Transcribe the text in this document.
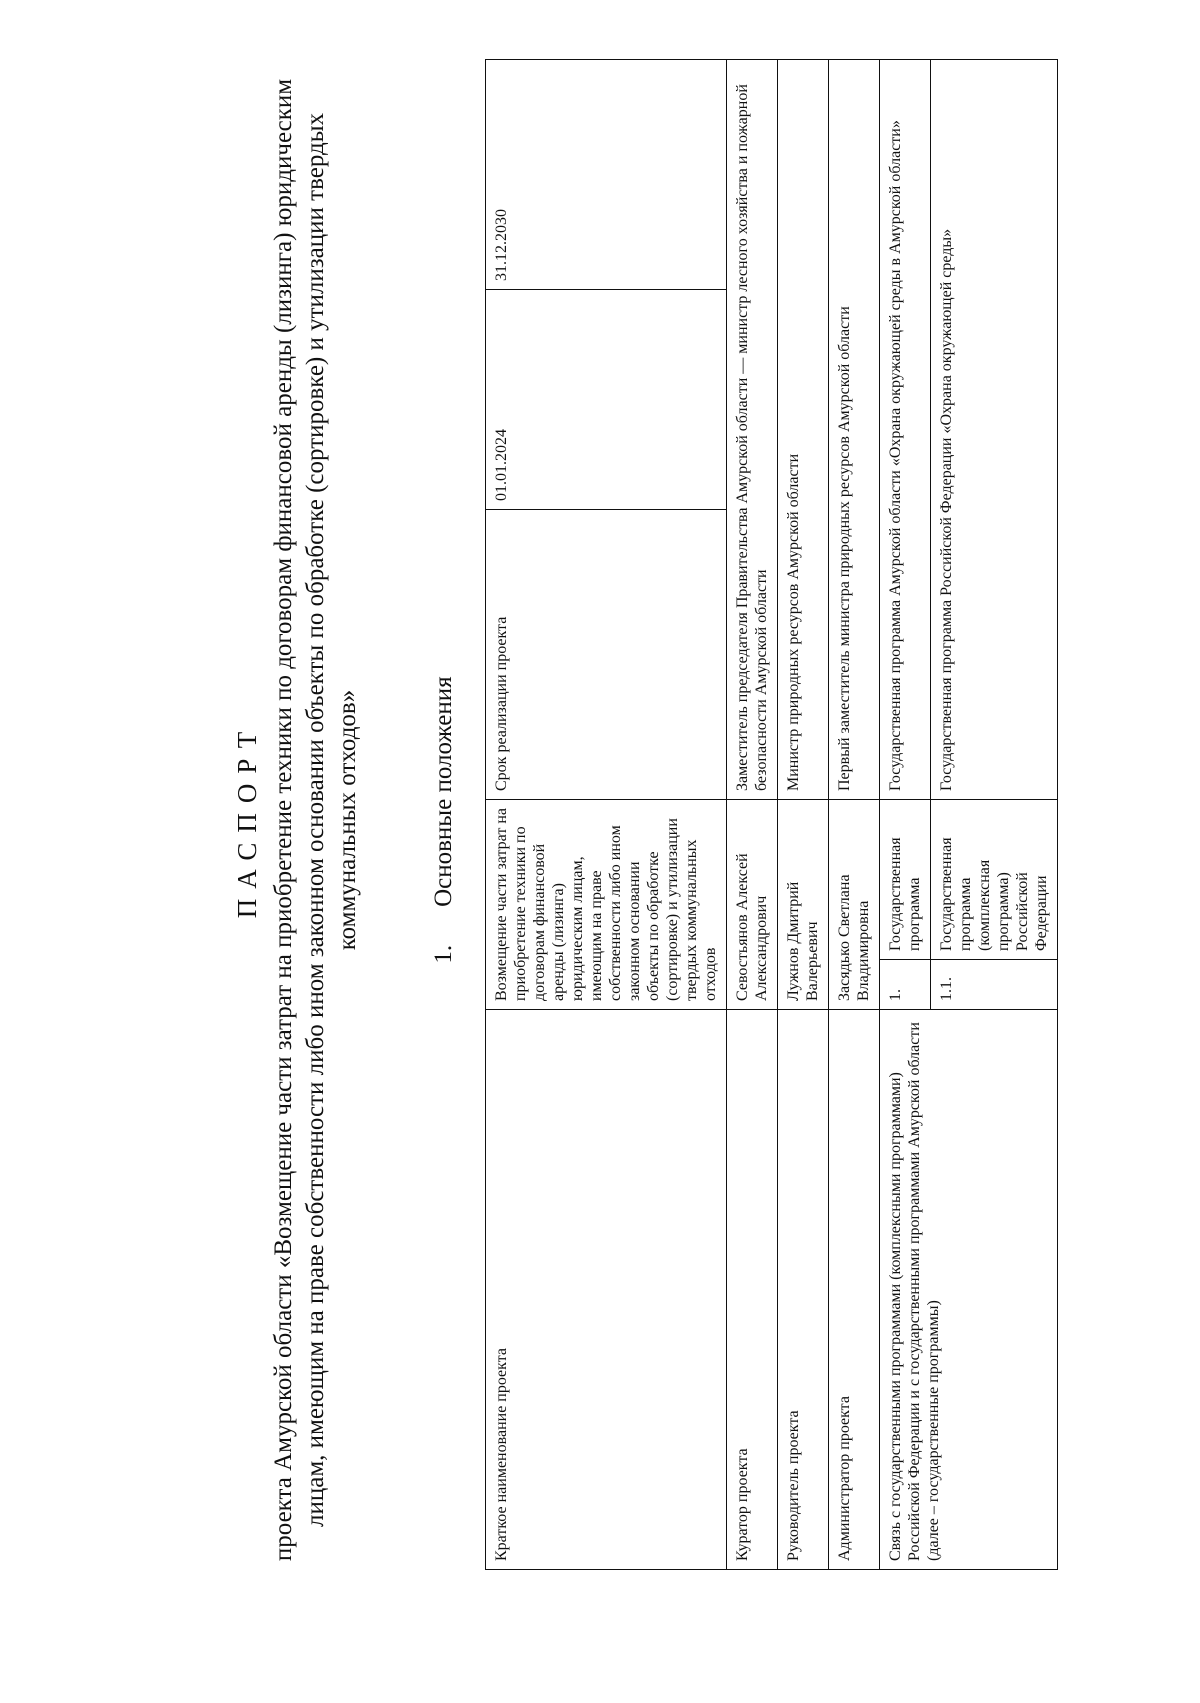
ПАСПОРТ проекта Амурской области «Возмещение части затрат на приобретение техники по договорам финансовой аренды (лизинга) юридическим лицам, имеющим на праве собственности либо ином законном основании объекты по обработке (сортировке) и утилизации твердых коммунальных отходов»
1.Основные положения
Краткое наименование проекта	Возмещение части затрат на приобретение техники по договорам финансовой аренды (лизинга) юридическим лицам, имеющим на праве собственности либо ином законном основании объекты по обработке (сортировке) и утилизации твердых коммунальных отходов		Срок реализации проекта	01.01.2024	31.12.2030
Куратор проекта	Севостьянов Алексей Александрович		Заместитель председателя Правительства Амурской области — министр лесного хозяйства и пожарной безопасности Амурской области		
Руководитель проекта	Лужнов Дмитрий Валерьевич		Министр природных ресурсов Амурской области		
Администратор проекта	Засядько Светлана Владимировна		Первый заместитель министра природных ресурсов Амурской области		
Связь с государственными программами (комплексными программами) Российской Федерации и с государственными программами Амурской области (далее – государственные программы)	1.	Государственная программа	Государственная программа Амурской области «Охрана окружающей среды в Амурской области»		
	1.1.	Государственная программа (комплексная программа) Российской Федерации	Государственная программа Российской Федерации «Охрана окружающей среды»		
